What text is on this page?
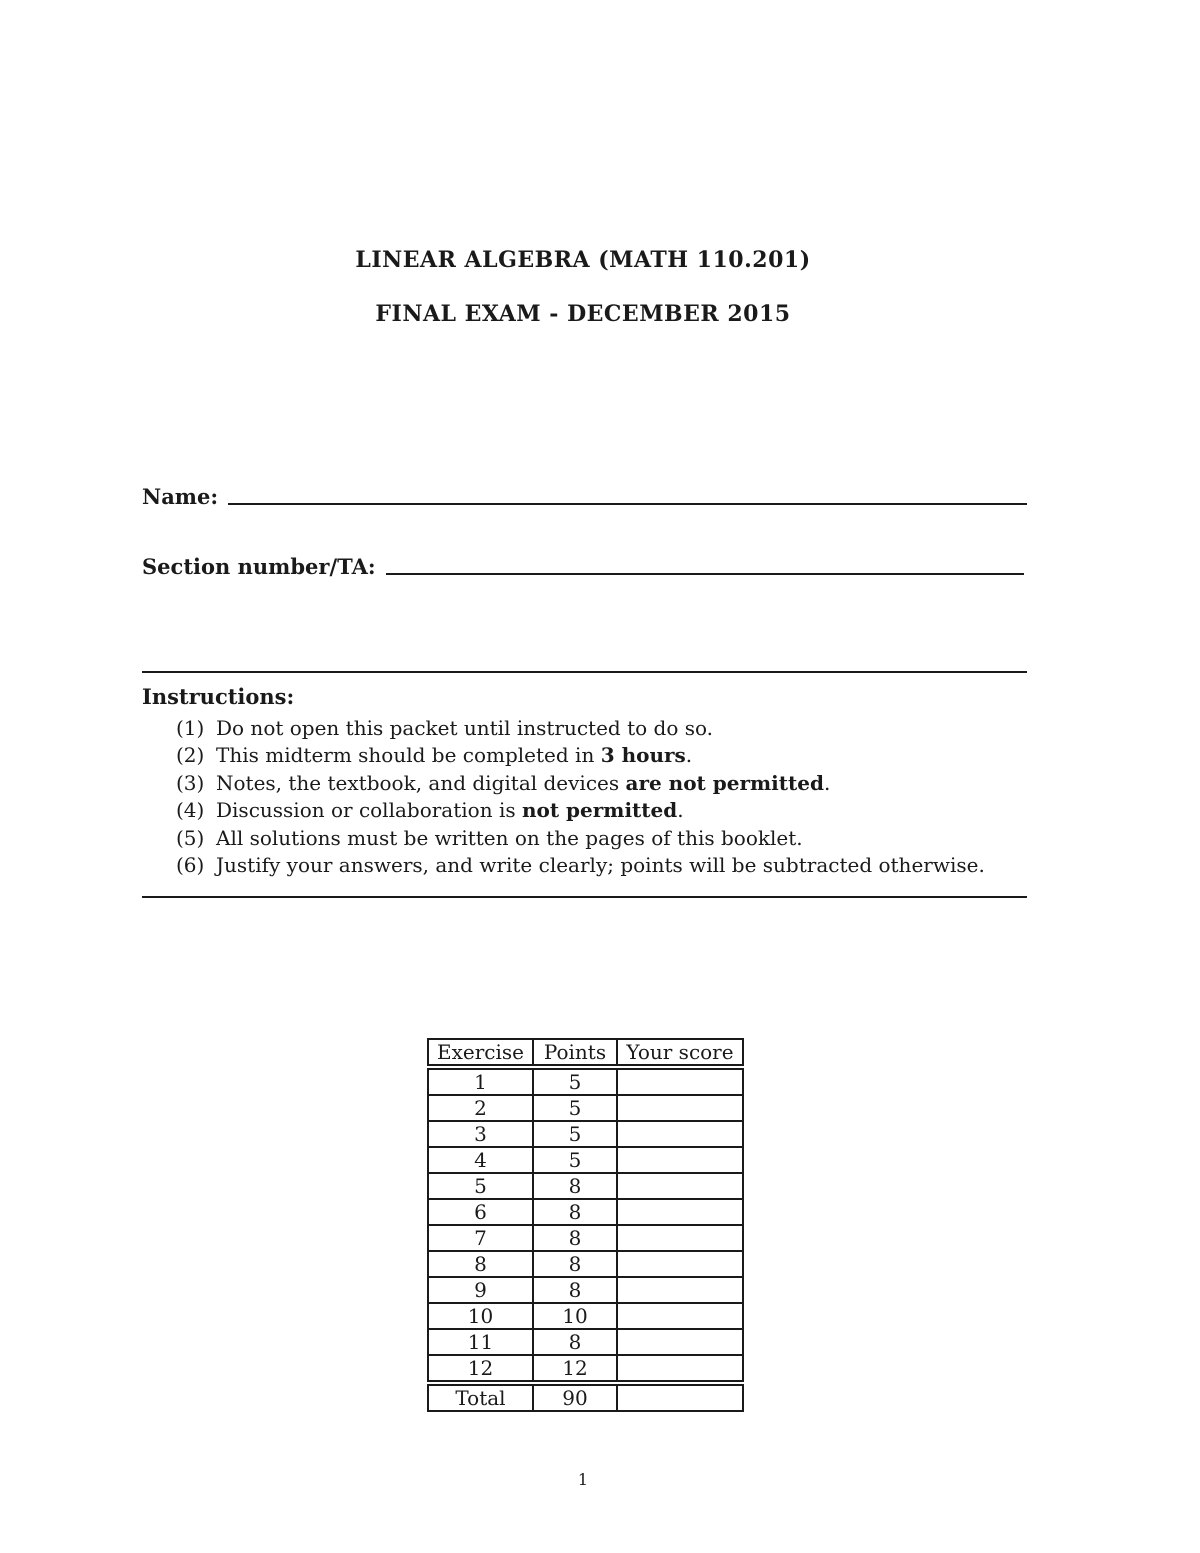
LINEAR ALGEBRA (MATH 110.201)
FINAL EXAM - DECEMBER 2015
Name:
Section number/TA:
Instructions:
(1) Do not open this packet until instructed to do so.
(2) This midterm should be completed in 3 hours.
(3) Notes, the textbook, and digital devices are not permitted.
(4) Discussion or collaboration is not permitted.
(5) All solutions must be written on the pages of this booklet.
(6) Justify your answers, and write clearly; points will be subtracted otherwise.
Exercise	Points	Your score

1	5	
2	5	
3	5	
4	5	
5	8	
6	8	
7	8	
8	8	
9	8	
10	10	
11	8	
12	12	

Total	90	
1
